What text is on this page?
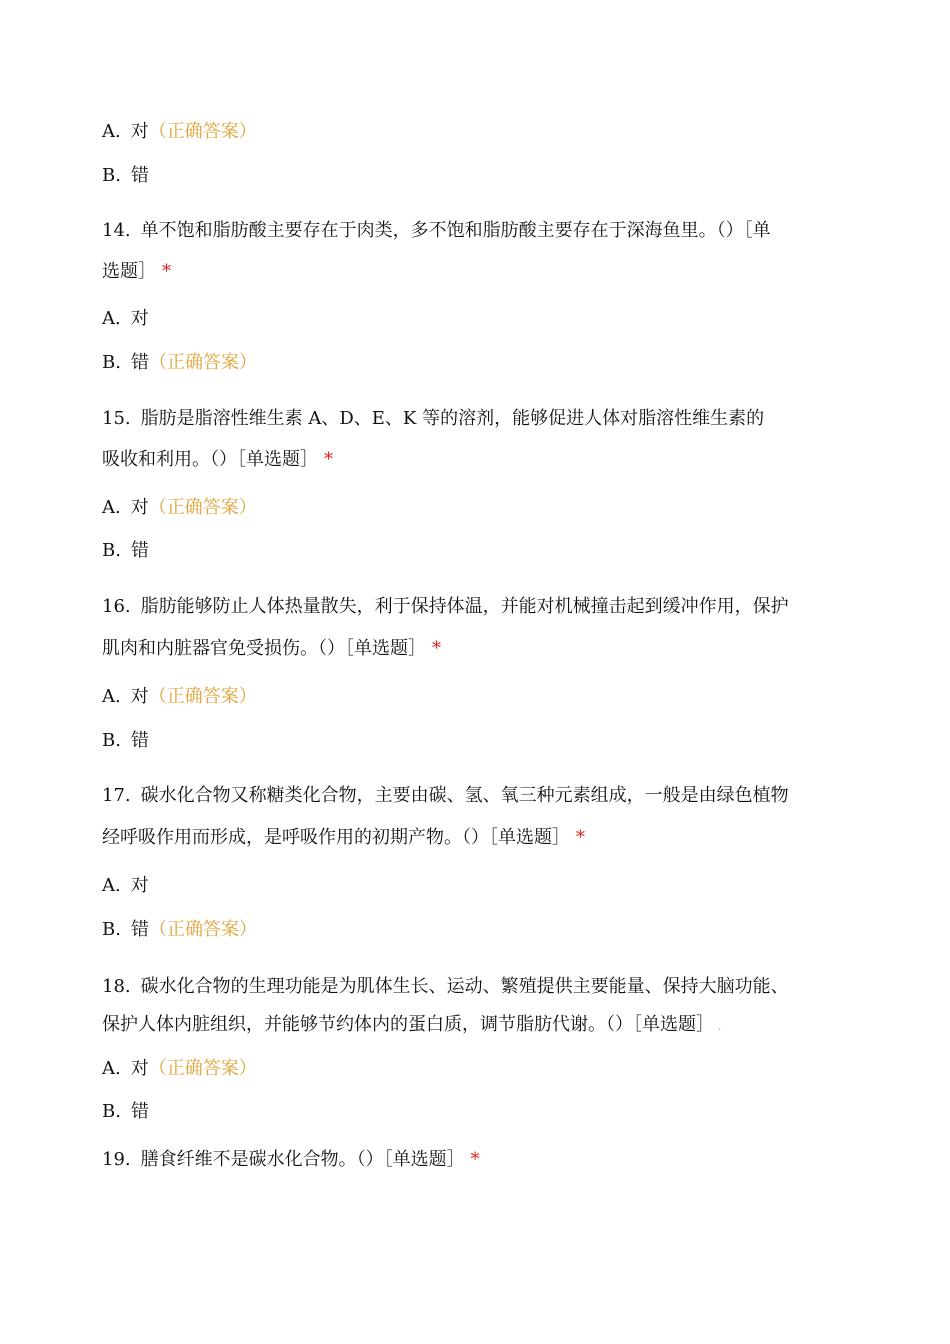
A. 对（正确答案）
B. 错
14. 单不饱和脂肪酸主要存在于肉类，多不饱和脂肪酸主要存在于深海鱼里。（）［单
选题］ *
A. 对
B. 错（正确答案）
15. 脂肪是脂溶性维生素 A、D、E、K 等的溶剂，能够促进人体对脂溶性维生素的
吸收和利用。（）［单选题］ *
A. 对（正确答案）
B. 错
16. 脂肪能够防止人体热量散失，利于保持体温，并能对机械撞击起到缓冲作用，保护
肌肉和内脏器官免受损伤。（）［单选题］ *
A. 对（正确答案）
B. 错
17. 碳水化合物又称糖类化合物，主要由碳、氢、氧三种元素组成，一般是由绿色植物
经呼吸作用而形成，是呼吸作用的初期产物。（）［单选题］ *
A. 对
B. 错（正确答案）
18. 碳水化合物的生理功能是为肌体生长、运动、繁殖提供主要能量、保持大脑功能、
保护人体内脏组织，并能够节约体内的蛋白质，调节脂肪代谢。（）［单选题］ .
A. 对（正确答案）
B. 错
19. 膳食纤维不是碳水化合物。（）［单选题］ *
